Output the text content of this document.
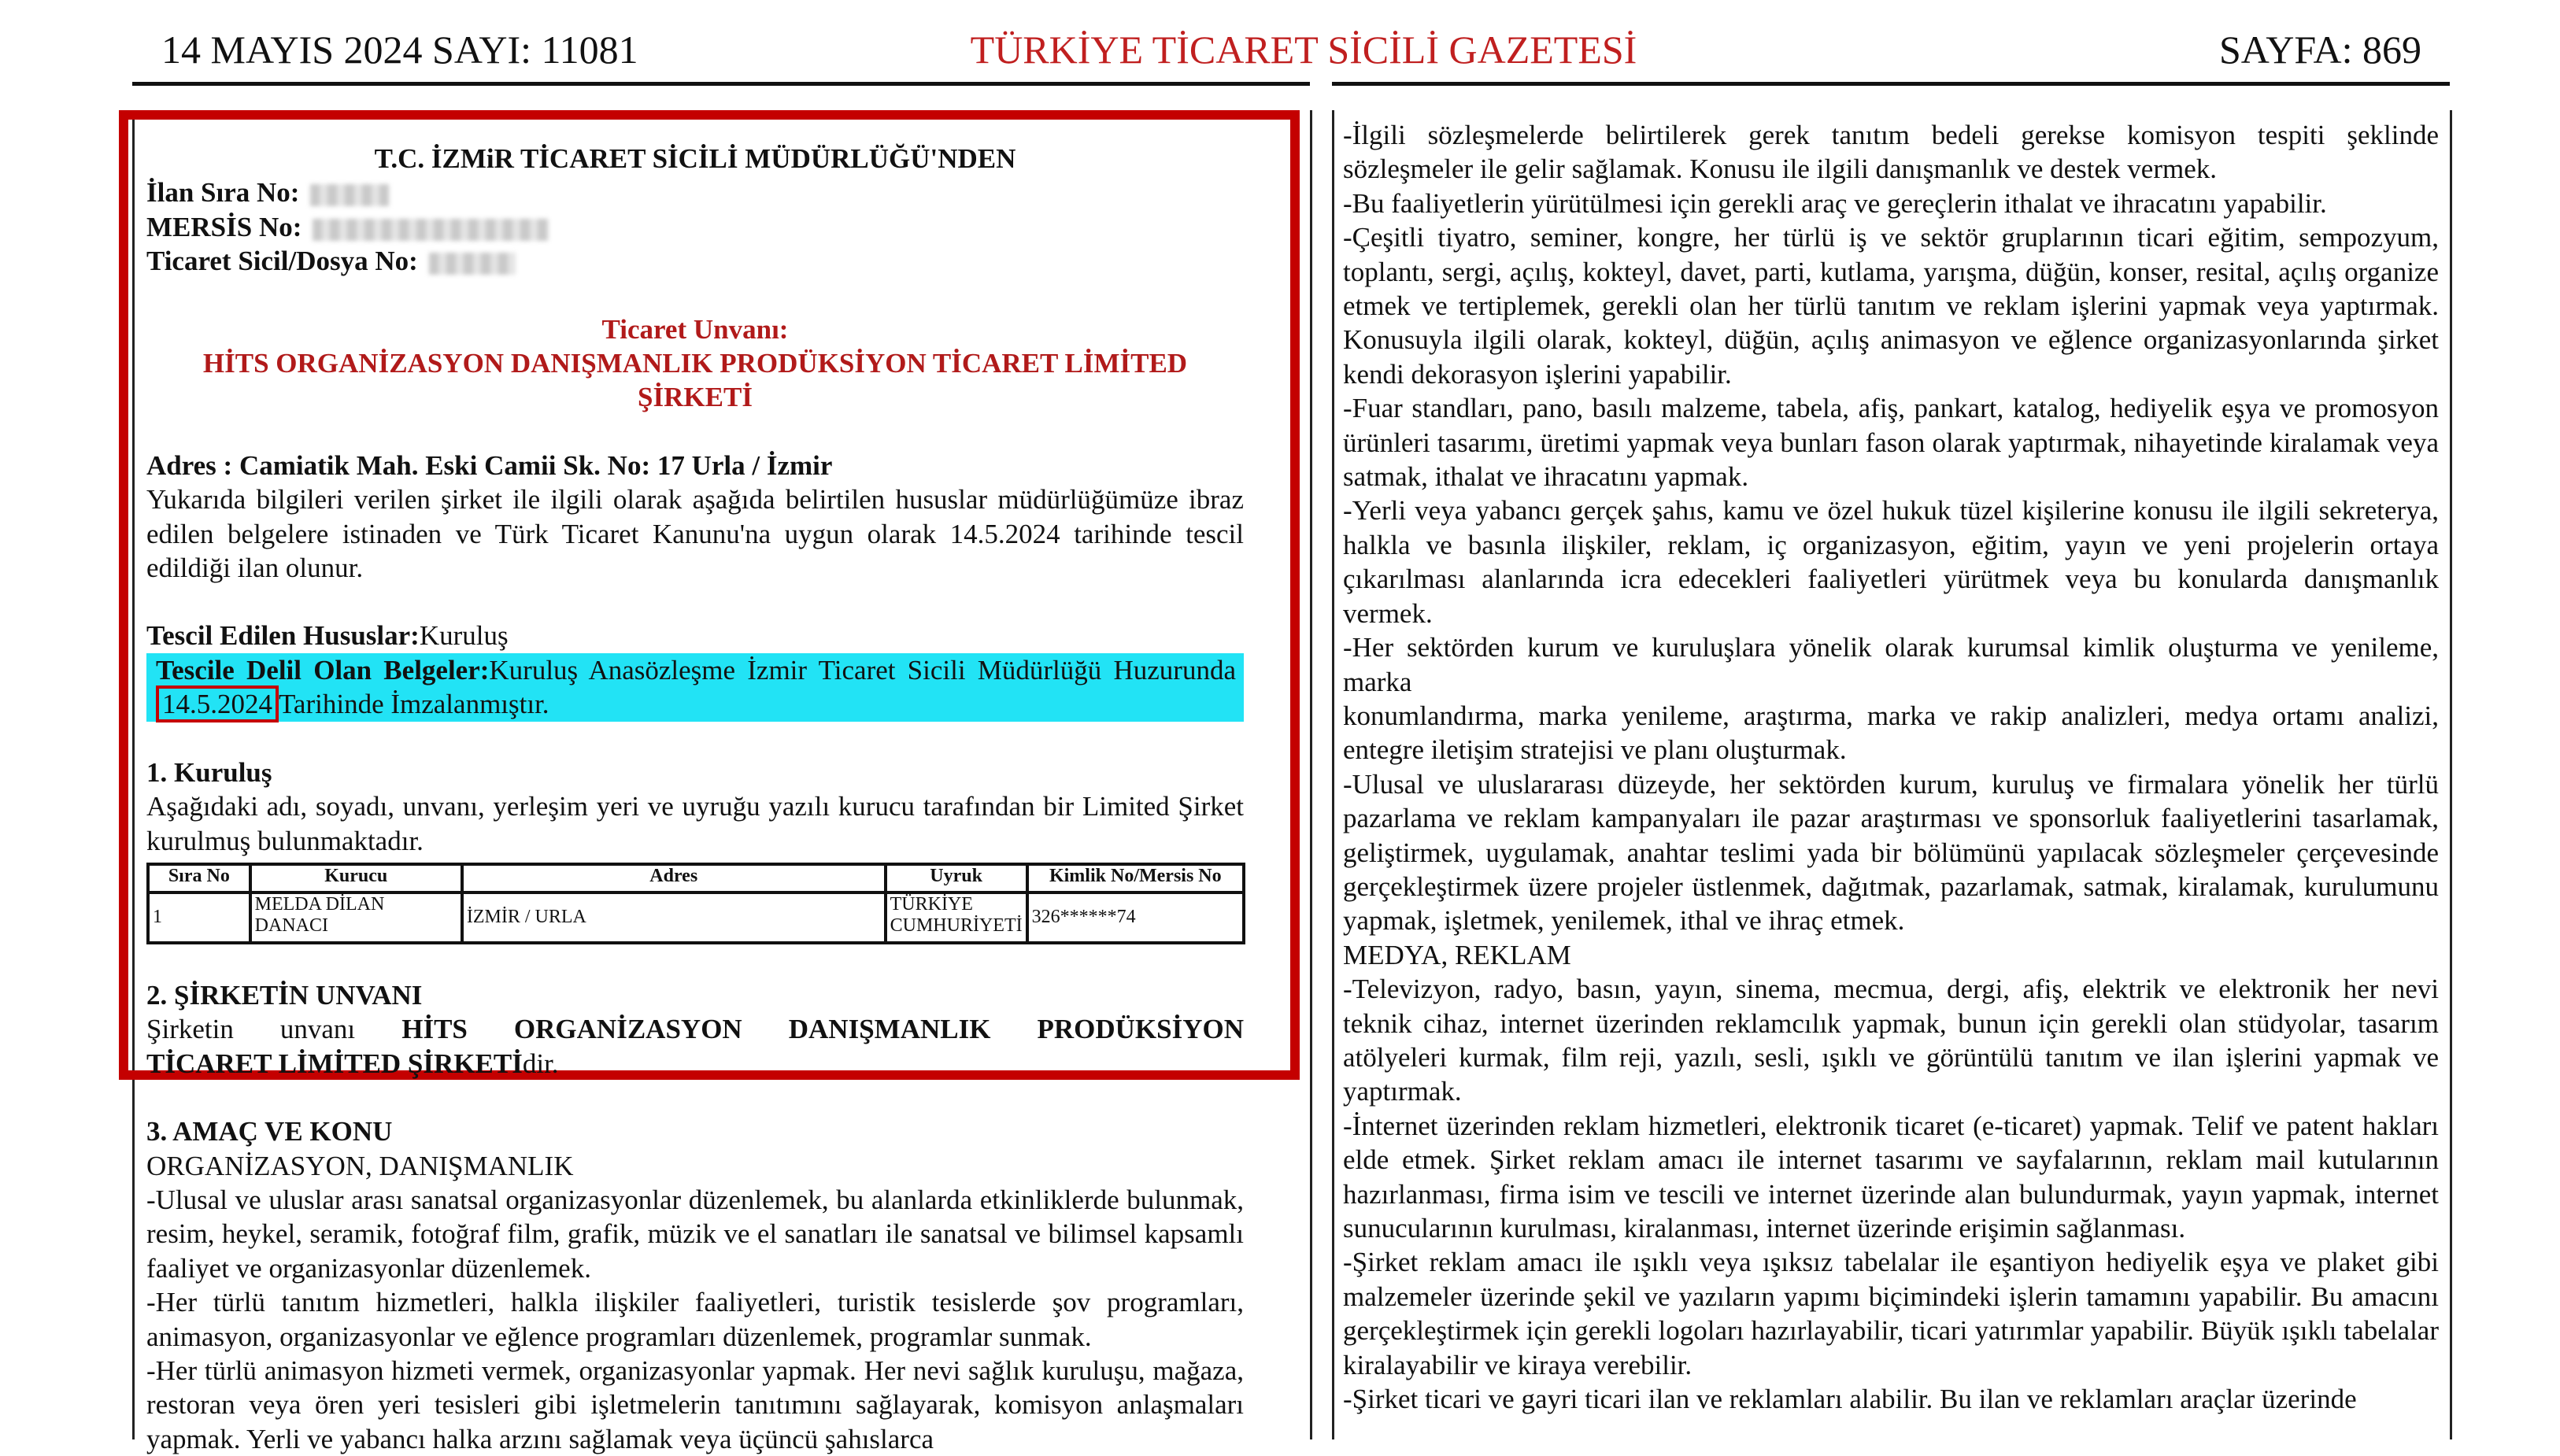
14 MAYIS 2024 SAYI: 11081	TÜRKİYE TİCARET SİCİLİ GAZETESİ	SAYFA: 869

T.C. İZMiR TİCARET SİCİLİ MÜDÜRLÜĞÜ'NDEN

İlan Sıra No:

MERSİS No:

Ticaret Sicil/Dosya No:

Ticaret Unvanı:

HİTS ORGANİZASYON DANIŞMANLIK PRODÜKSİYON TİCARET LİMİTED ŞİRKETİ

Adres : Camiatik Mah. Eski Camii Sk. No: 17 Urla / İzmir

Yukarıda bilgileri verilen şirket ile ilgili olarak aşağıda belirtilen hususlar müdürlüğümüze ibraz edilen belgelere istinaden ve Türk Ticaret Kanunu'na uygun olarak 14.5.2024 tarihinde tescil edildiği ilan olunur.

Tescil Edilen Hususlar:Kuruluş

Tescile Delil Olan Belgeler:Kuruluş Anasözleşme İzmir Ticaret Sicili Müdürlüğü Huzurunda 14.5.2024 Tarihinde İmzalanmıştır.

1. Kuruluş

Aşağıdaki adı, soyadı, unvanı, yerleşim yeri ve uyruğu yazılı kurucu tarafından bir Limited Şirket kurulmuş bulunmaktadır.

Sıra No	Kurucu	Adres	Uyruk	Kimlik No/Mersis No
1	MELDA DİLAN DANACI	İZMİR / URLA	TÜRKİYE CUMHURİYETİ	326******74

2. ŞİRKETİN UNVANI

Şirketin unvanı HİTS ORGANİZASYON DANIŞMANLIK PRODÜKSİYON

TİCARET LİMİTED ŞİRKETİdir.

3. AMAÇ VE KONU

ORGANİZASYON, DANIŞMANLIK

-Ulusal ve uluslar arası sanatsal organizasyonlar düzenlemek, bu alanlarda etkinliklerde bulunmak, resim, heykel, seramik, fotoğraf film, grafik, müzik ve el sanatları ile sanatsal ve bilimsel kapsamlı faaliyet ve organizasyonlar düzenlemek.

-Her türlü tanıtım hizmetleri, halkla ilişkiler faaliyetleri, turistik tesislerde şov programları, animasyon, organizasyonlar ve eğlence programları düzenlemek, programlar sunmak.

-Her türlü animasyon hizmeti vermek, organizasyonlar yapmak. Her nevi sağlık kuruluşu, mağaza, restoran veya ören yeri tesisleri gibi işletmelerin tanıtımını sağlayarak, komisyon anlaşmaları yapmak. Yerli ve yabancı halka arzını sağlamak veya üçüncü şahıslarca

-İlgili sözleşmelerde belirtilerek gerek tanıtım bedeli gerekse komisyon tespiti şeklinde sözleşmeler ile gelir sağlamak. Konusu ile ilgili danışmanlık ve destek vermek.

-Bu faaliyetlerin yürütülmesi için gerekli araç ve gereçlerin ithalat ve ihracatını yapabilir.

-Çeşitli tiyatro, seminer, kongre, her türlü iş ve sektör gruplarının ticari eğitim, sempozyum, toplantı, sergi, açılış, kokteyl, davet, parti, kutlama, yarışma, düğün, konser, resital, açılış organize etmek ve tertiplemek, gerekli olan her türlü tanıtım ve reklam işlerini yapmak veya yaptırmak. Konusuyla ilgili olarak, kokteyl, düğün, açılış animasyon ve eğlence organizasyonlarında şirket kendi dekorasyon işlerini yapabilir.

-Fuar standları, pano, basılı malzeme, tabela, afiş, pankart, katalog, hediyelik eşya ve promosyon ürünleri tasarımı, üretimi yapmak veya bunları fason olarak yaptırmak, nihayetinde kiralamak veya satmak, ithalat ve ihracatını yapmak.

-Yerli veya yabancı gerçek şahıs, kamu ve özel hukuk tüzel kişilerine konusu ile ilgili sekreterya, halkla ve basınla ilişkiler, reklam, iç organizasyon, eğitim, yayın ve yeni projelerin ortaya çıkarılması alanlarında icra edecekleri faaliyetleri yürütmek veya bu konularda danışmanlık vermek.

-Her sektörden kurum ve kuruluşlara yönelik olarak kurumsal kimlik oluşturma ve yenileme, marka

konumlandırma, marka yenileme, araştırma, marka ve rakip analizleri, medya ortamı analizi, entegre iletişim stratejisi ve planı oluşturmak.

-Ulusal ve uluslararası düzeyde, her sektörden kurum, kuruluş ve firmalara yönelik her türlü pazarlama ve reklam kampanyaları ile pazar araştırması ve sponsorluk faaliyetlerini tasarlamak, geliştirmek, uygulamak, anahtar teslimi yada bir bölümünü yapılacak sözleşmeler çerçevesinde gerçekleştirmek üzere projeler üstlenmek, dağıtmak, pazarlamak, satmak, kiralamak, kurulumunu yapmak, işletmek, yenilemek, ithal ve ihraç etmek.

MEDYA, REKLAM

-Televizyon, radyo, basın, yayın, sinema, mecmua, dergi, afiş, elektrik ve elektronik her nevi teknik cihaz, internet üzerinden reklamcılık yapmak, bunun için gerekli olan stüdyolar, tasarım atölyeleri kurmak, film reji, yazılı, sesli, ışıklı ve görüntülü tanıtım ve ilan işlerini yapmak ve yaptırmak.

-İnternet üzerinden reklam hizmetleri, elektronik ticaret (e-ticaret) yapmak. Telif ve patent hakları elde etmek. Şirket reklam amacı ile internet tasarımı ve sayfalarının, reklam mail kutularının hazırlanması, firma isim ve tescili ve internet üzerinde alan bulundurmak, yayın yapmak, internet sunucularının kurulması, kiralanması, internet üzerinde erişimin sağlanması.

-Şirket reklam amacı ile ışıklı veya ışıksız tabelalar ile eşantiyon hediyelik eşya ve plaket gibi malzemeler üzerinde şekil ve yazıların yapımı biçimindeki işlerin tamamını yapabilir. Bu amacını gerçekleştirmek için gerekli logoları hazırlayabilir, ticari yatırımlar yapabilir. Büyük ışıklı tabelalar kiralayabilir ve kiraya verebilir.

-Şirket ticari ve gayri ticari ilan ve reklamları alabilir. Bu ilan ve reklamları araçlar üzerinde
